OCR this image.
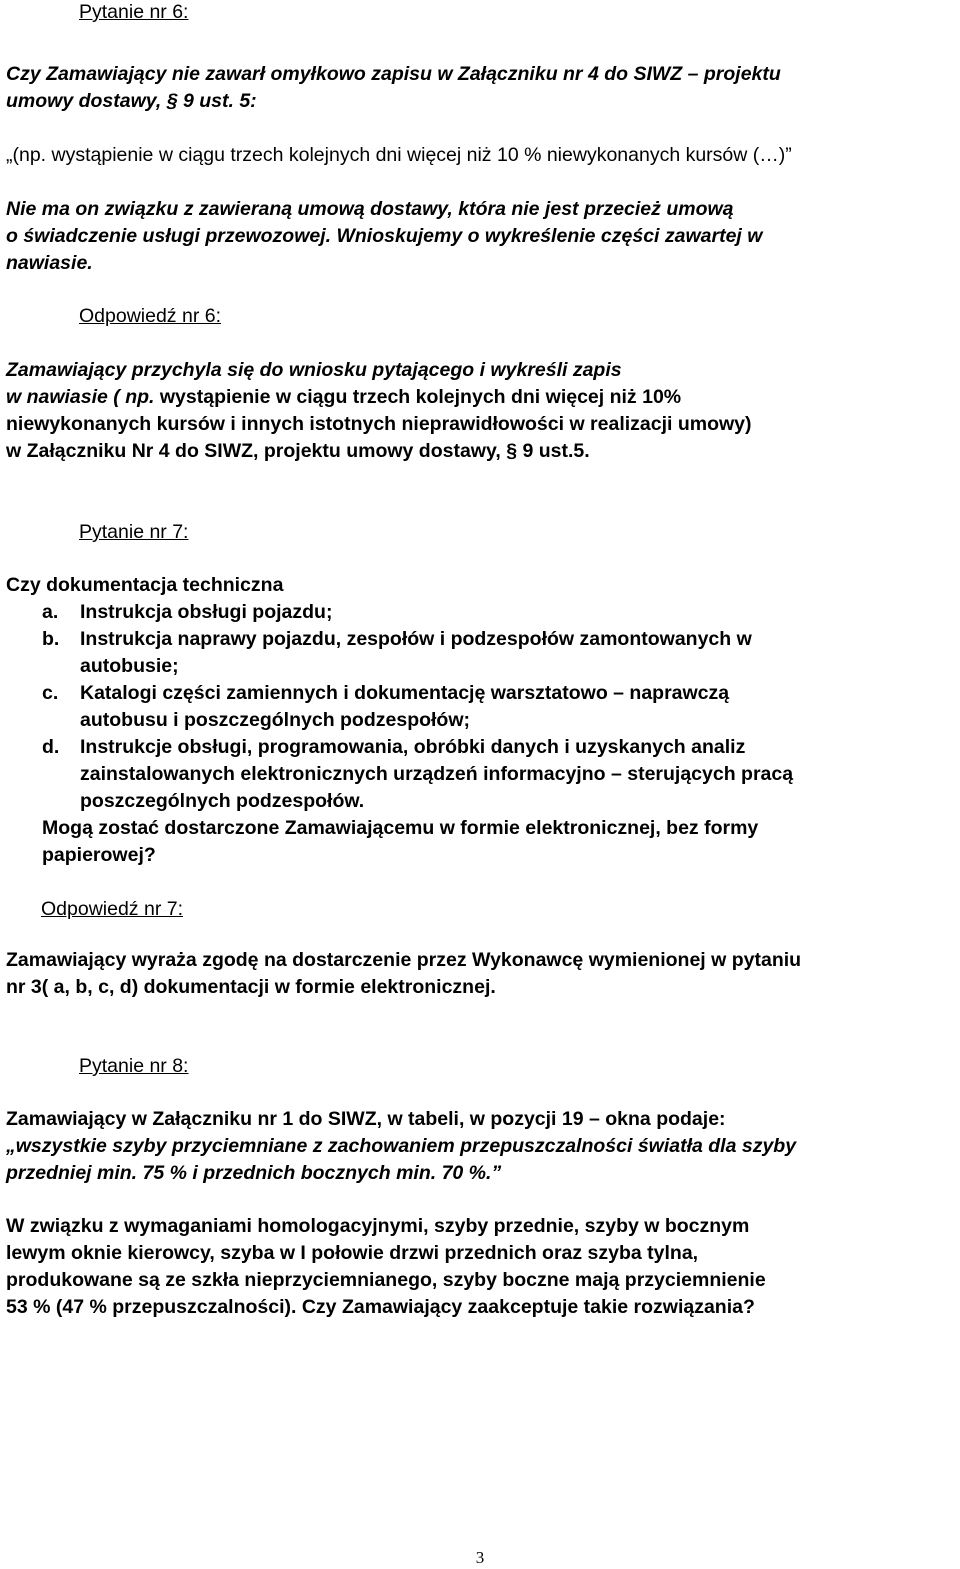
Pytanie nr 6:
Czy Zamawiający nie zawarł omyłkowo zapisu w Załączniku nr 4 do SIWZ – projektu
umowy dostawy, § 9 ust. 5:
„(np. wystąpienie w ciągu trzech kolejnych dni więcej niż 10 % niewykonanych kursów (…)”
Nie ma on związku z zawieraną umową dostawy, która nie jest przecież umową
o świadczenie usługi przewozowej. Wnioskujemy o wykreślenie części zawartej w
nawiasie.
Odpowiedź nr 6:
Zamawiający przychyla się do wniosku pytającego i wykreśli zapis
w nawiasie ( np. wystąpienie w ciągu trzech kolejnych dni więcej niż 10%
niewykonanych kursów i innych istotnych nieprawidłowości w realizacji umowy)
w Załączniku Nr 4 do SIWZ, projektu umowy dostawy, § 9 ust.5.
Pytanie nr 7:
Czy dokumentacja techniczna
a. Instrukcja obsługi pojazdu;
b. Instrukcja naprawy pojazdu, zespołów i podzespołów zamontowanych w
autobusie;
c. Katalogi części zamiennych i dokumentację warsztatowo – naprawczą
autobusu i poszczególnych podzespołów;
d. Instrukcje obsługi, programowania, obróbki danych i uzyskanych analiz
zainstalowanych elektronicznych urządzeń informacyjno – sterujących pracą
poszczególnych podzespołów.
Mogą zostać dostarczone Zamawiającemu w formie elektronicznej, bez formy
papierowej?
Odpowiedź nr 7:
Zamawiający wyraża zgodę na dostarczenie przez Wykonawcę wymienionej w pytaniu
nr 3( a, b, c, d) dokumentacji w formie elektronicznej.
Pytanie nr 8:
Zamawiający w Załączniku nr 1 do SIWZ, w tabeli, w pozycji 19 – okna podaje:
„wszystkie szyby przyciemniane z zachowaniem przepuszczalności światła dla szyby
przedniej min. 75 % i przednich bocznych min. 70 %.”
W związku z wymaganiami homologacyjnymi, szyby przednie, szyby w bocznym
lewym oknie kierowcy, szyba w I połowie drzwi przednich oraz szyba tylna,
produkowane są ze szkła nieprzyciemnianego, szyby boczne mają przyciemnienie
53 % (47 % przepuszczalności). Czy Zamawiający zaakceptuje takie rozwiązania?
3
